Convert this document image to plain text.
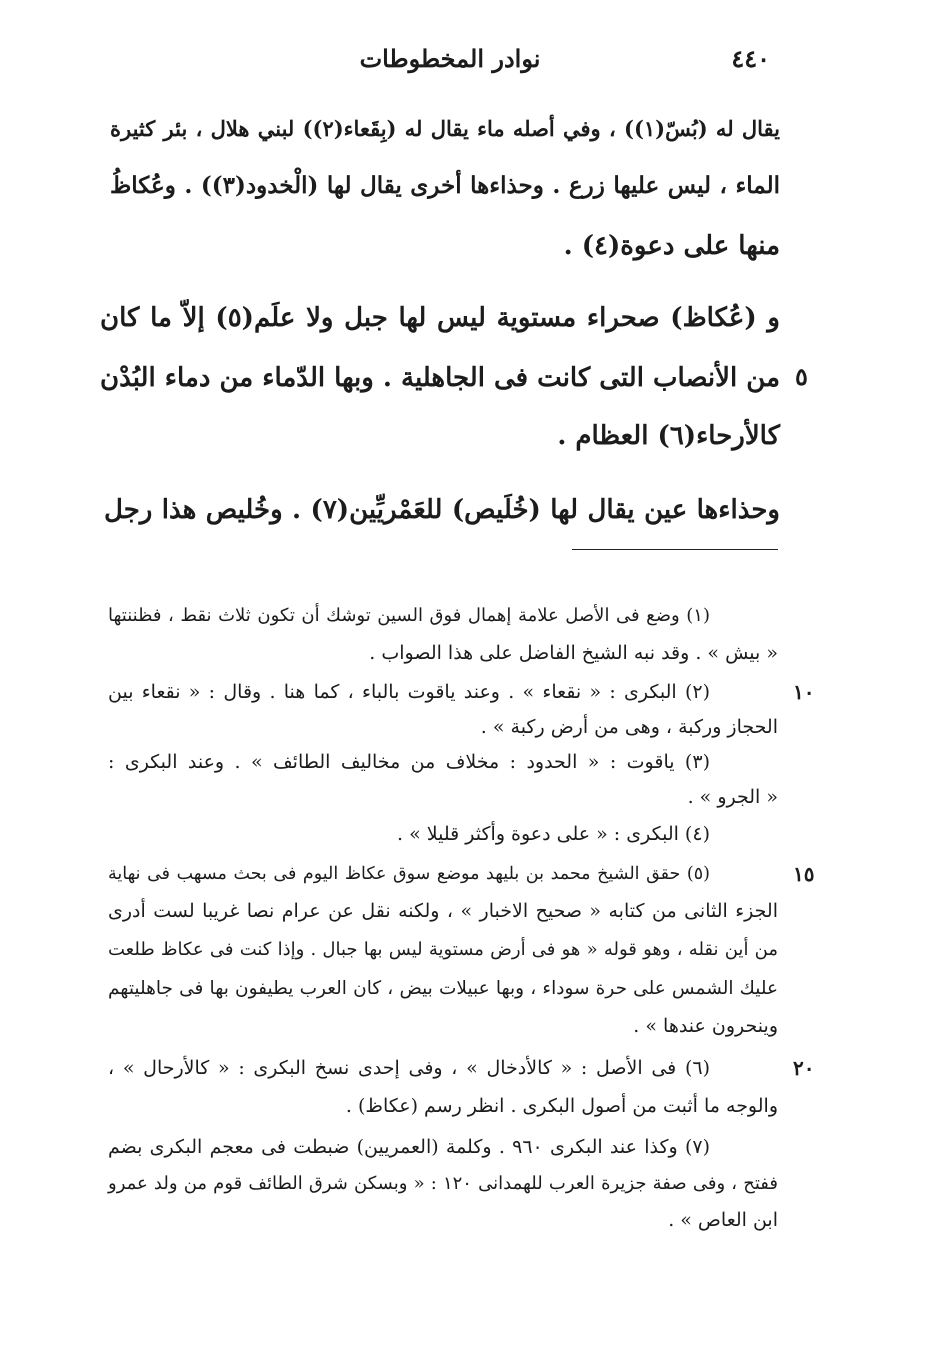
٤٤٠
نوادر المخطوطات
يقال له (بُسّ(١)) ، وفي أصله ماء يقال له (بِقَعاء(٢)) لبني هلال ، بئر كثيرة
الماء ، ليس عليها زرع . وحذاءها أخرى يقال لها (الْخدود(٣)) . وعُكاظُ
منها على دعوة(٤) .
و (عُكاظ) صحراء مستوية ليس لها جبل ولا علَم(٥) إلاّ ما كان
من الأنصاب التى كانت فى الجاهلية . وبها الدّماء من دماء البُدْن
كالأرحاء(٦) العظام .
وحذاءها عين يقال لها (خُلَيص) للعَمْريِّين(٧) . وخُليص هذا رجل
(١) وضع فى الأصل علامة إهمال فوق السين توشك أن تكون ثلاث نقط ، فظننتها
« بيش » . وقد نبه الشيخ الفاضل على هذا الصواب .
(٢) البكرى : « نقعاء » . وعند ياقوت بالباء ، كما هنا . وقال : « نقعاء بين
الحجاز وركبة ، وهى من أرض ركبة » .
(٣) ياقوت : « الحدود : مخلاف من مخاليف الطائف » . وعند البكرى :
« الجرو » .
(٤) البكرى : « على دعوة وأكثر قليلا » .
(٥) حقق الشيخ محمد بن بليهد موضع سوق عكاظ اليوم فى بحث مسهب فى نهاية
الجزء الثانى من كتابه « صحيح الاخبار » ، ولكنه نقل عن عرام نصا غريبا لست أدرى
من أين نقله ، وهو قوله « هو فى أرض مستوية ليس بها جبال . وإذا كنت فى عكاظ طلعت
عليك الشمس على حرة سوداء ، وبها عبيلات بيض ، كان العرب يطيفون بها فى جاهليتهم
وينحرون عندها » .
(٦) فى الأصل : « كالأدخال » ، وفى إحدى نسخ البكرى : « كالأرحال » ،
والوجه ما أثبت من أصول البكرى . انظر رسم (عكاظ) .
(٧) وكذا عند البكرى ٩٦٠ . وكلمة (العمريين) ضبطت فى معجم البكرى بضم
ففتح ، وفى صفة جزيرة العرب للهمدانى ١٢٠ : « وبسكن شرق الطائف قوم من ولد عمرو
ابن العاص » .
٥
١٠
١٥
٢٠
